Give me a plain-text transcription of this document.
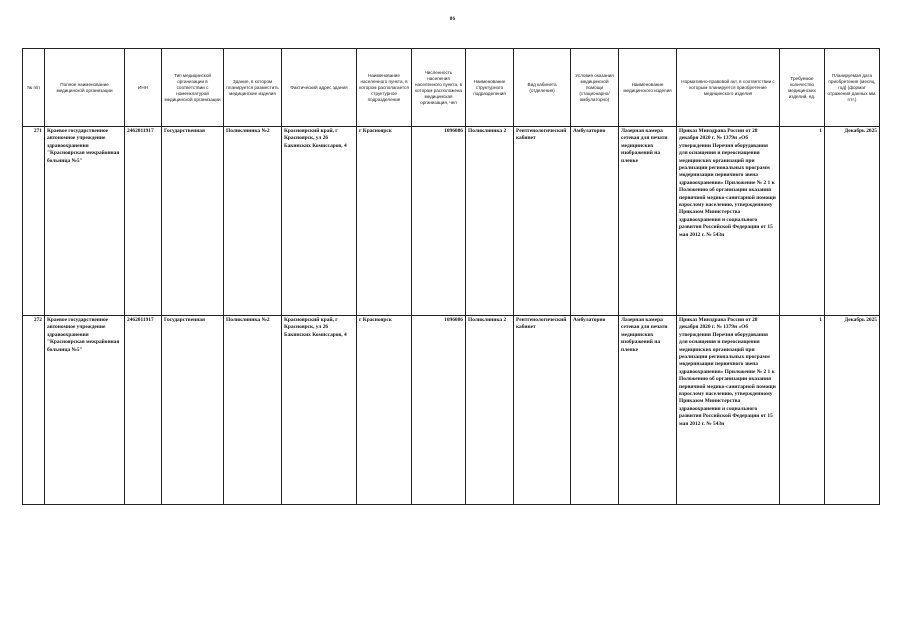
86
№ п/п	Полное наименование медицинской организации	ИНН	Тип медицинской организации в соответствии с номенклатурой медицинской организации	Здание, в котором планируется разместить медицинские изделия	Фактический адрес здания	Наименование населенного пункта, в котором располагается структурное подразделение	Численность населения населенного пункта, в котором расположена медицинская организация, чел	Наименование структурного подразделения	Вид кабинета (отделения)	Условия оказания медицинской помощи (стационарно/ амбулаторно)	Наименование медицинского изделия	Нормативно-правовой акт, в соответствии с которым планируется приобретение медицинского изделия	Требуемое количество медицинских изделий, ед.	Планируемая дата приобретения (месяц, год) (формат отражения данных мм. гггг.)
271	Краевое государственное автономное учреждение здравоохранения "Красноярская межрайонная больница №5"	2462011917	Государственная	Поликлиника №2	Красноярский край, г Красноярск, ул 26 Бакинских Комиссаров, 4	г Красноярск	1096086	Поликлиника 2	Рентгенологический кабинет	Амбулаторно	Лазерная камера сетевая для печати медицинских изображений на пленке	Приказ Минздрава России от 28 декабря 2020 г. № 1379н «Об утверждении Перечня оборудования для оснащения и переоснащения медицинских организаций при реализации региональных программ модернизации первичного звена здравоохранения» Приложение № 2 1 к Положению об организации оказания первичной медико-санитарной помощи взрослому населению, утвержденному Приказом Министерства здравоохранения и социального развития Российской Федерации от 15 мая 2012 г. № 543н	1	Декабрь 2025
272	Краевое государственное автономное учреждение здравоохранения "Красноярская межрайонная больница №5"	2462011917	Государственная	Поликлиника №2	Красноярский край, г Красноярск, ул 26 Бакинских Комиссаров, 4	г Красноярск	1096086	Поликлиника 2	Рентгенологический кабинет	Амбулаторно	Лазерная камера сетевая для печати медицинских изображений на пленке	Приказ Минздрава России от 28 декабря 2020 г. № 1379н «Об утверждении Перечня оборудования для оснащения и переоснащения медицинских организаций при реализации региональных программ модернизации первичного звена здравоохранения» Приложение № 2 1 к Положению об организации оказания первичной медико-санитарной помощи взрослому населению, утвержденному Приказом Министерства здравоохранения и социального развития Российской Федерации от 15 мая 2012 г. № 543н	1	Декабрь 2025
